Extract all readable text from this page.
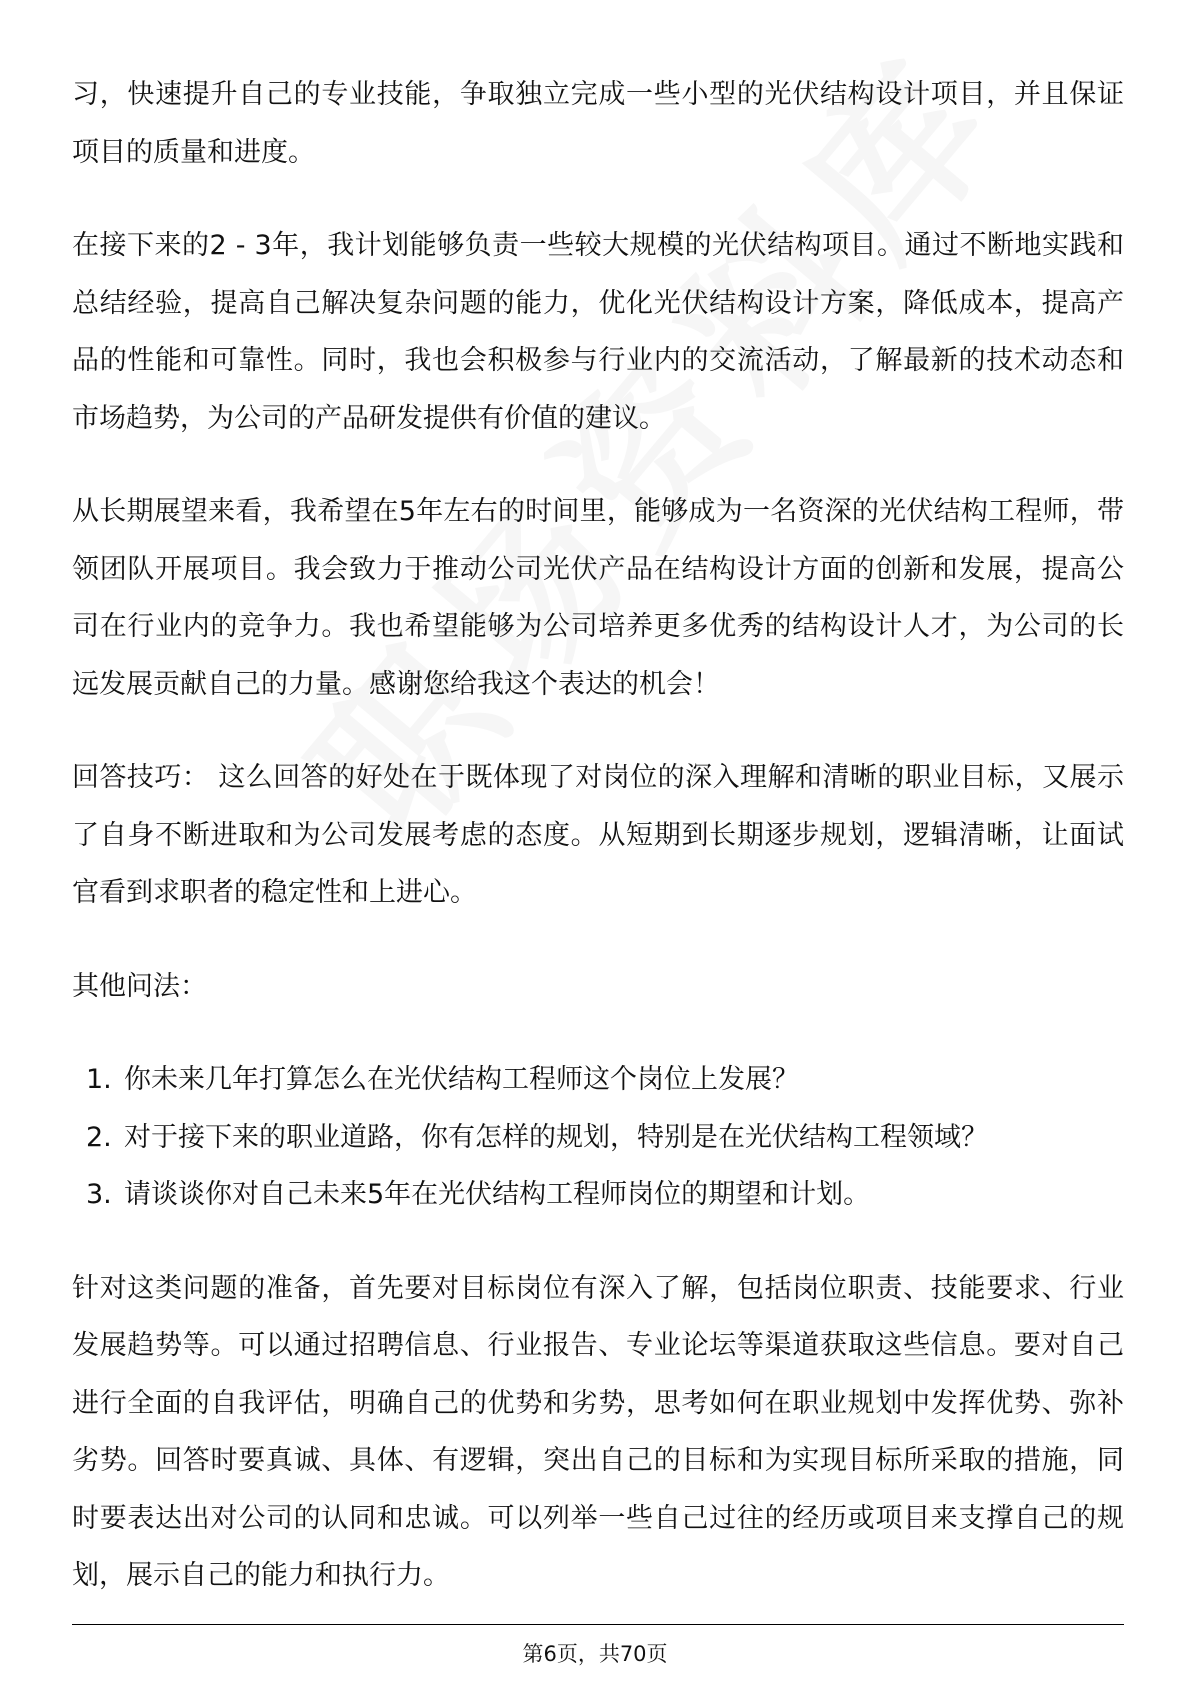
习，快速提升自己的专业技能，争取独立完成一些小型的光伏结构设计项目，并且保证项目的质量和进度。

在接下来的2 - 3年，我计划能够负责一些较大规模的光伏结构项目。通过不断地实践和总结经验，提高自己解决复杂问题的能力，优化光伏结构设计方案，降低成本，提高产品的性能和可靠性。同时，我也会积极参与行业内的交流活动，了解最新的技术动态和市场趋势，为公司的产品研发提供有价值的建议。

从长期展望来看，我希望在5年左右的时间里，能够成为一名资深的光伏结构工程师，带领团队开展项目。我会致力于推动公司光伏产品在结构设计方面的创新和发展，提高公司在行业内的竞争力。我也希望能够为公司培养更多优秀的结构设计人才，为公司的长远发展贡献自己的力量。感谢您给我这个表达的机会！

回答技巧： 这么回答的好处在于既体现了对岗位的深入理解和清晰的职业目标，又展示了自身不断进取和为公司发展考虑的态度。从短期到长期逐步规划，逻辑清晰，让面试官看到求职者的稳定性和上进心。

其他问法：

1. 你未来几年打算怎么在光伏结构工程师这个岗位上发展？
2. 对于接下来的职业道路，你有怎样的规划，特别是在光伏结构工程领域？
3. 请谈谈你对自己未来5年在光伏结构工程师岗位的期望和计划。

针对这类问题的准备，首先要对目标岗位有深入了解，包括岗位职责、技能要求、行业发展趋势等。可以通过招聘信息、行业报告、专业论坛等渠道获取这些信息。要对自己进行全面的自我评估，明确自己的优势和劣势，思考如何在职业规划中发挥优势、弥补劣势。回答时要真诚、具体、有逻辑，突出自己的目标和为实现目标所采取的措施，同时要表达出对公司的认同和忠诚。可以列举一些自己过往的经历或项目来支撑自己的规划，展示自己的能力和执行力。

第6页，共70页
